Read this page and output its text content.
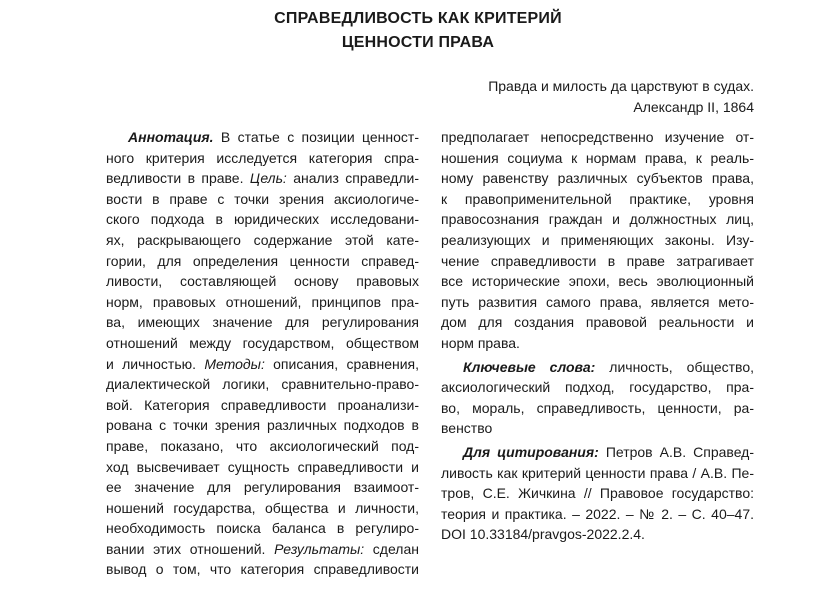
СПРАВЕДЛИВОСТЬ КАК КРИТЕРИЙ
ЦЕННОСТИ ПРАВА
Правда и милость да царствуют в судах.
Александр II, 1864
Аннотация. В статье с позиции ценност-
ного критерия исследуется категория спра-
ведливости в праве. Цель: анализ справедли-
вости в праве с точки зрения аксиологиче-
ского подхода в юридических исследовани-
ях, раскрывающего содержание этой кате-
гории, для определения ценности справед-
ливости, составляющей основу правовых
норм, правовых отношений, принципов пра-
ва, имеющих значение для регулирования
отношений между государством, обществом
и личностью. Методы: описания, сравнения,
диалектической логики, сравнительно-право-
вой. Категория справедливости проанализи-
рована с точки зрения различных подходов в
праве, показано, что аксиологический под-
ход высвечивает сущность справедливости и
ее значение для регулирования взаимоот-
ношений государства, общества и личности,
необходимость поиска баланса в регулиро-
вании этих отношений. Результаты: сделан
вывод о том, что категория справедливости
предполагает непосредственно изучение от-
ношения социума к нормам права, к реаль-
ному равенству различных субъектов права,
к правоприменительной практике, уровня
правосознания граждан и должностных лиц,
реализующих и применяющих законы. Изу-
чение справедливости в праве затрагивает
все исторические эпохи, весь эволюционный
путь развития самого права, является мето-
дом для создания правовой реальности и
норм права.
Ключевые слова: личность, общество,
аксиологический подход, государство, пра-
во, мораль, справедливость, ценности, ра-
венство
Для цитирования: Петров А.В. Справед-
ливость как критерий ценности права / А.В. Пе-
тров, С.Е. Жичкина // Правовое государство:
теория и практика. – 2022. – № 2. – С. 40–47.
DOI 10.33184/pravgos-2022.2.4.
